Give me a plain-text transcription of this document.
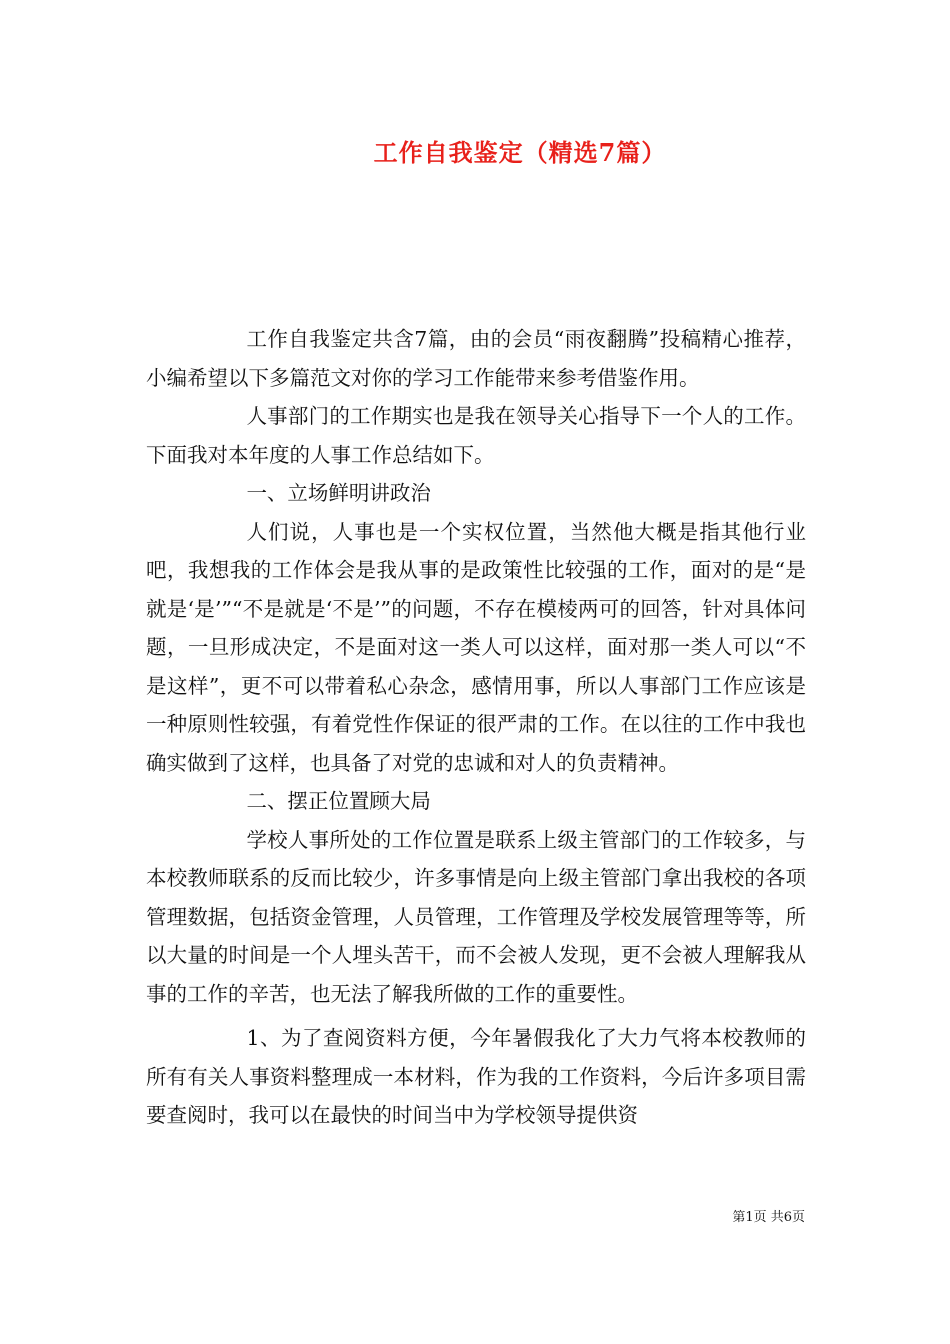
工作自我鉴定（精选7篇）

工作自我鉴定共含7篇，由的会员“雨夜翻腾”投稿精心推荐，小编希望以下多篇范文对你的学习工作能带来参考借鉴作用。

人事部门的工作期实也是我在领导关心指导下一个人的工作。下面我对本年度的人事工作总结如下。

一、立场鲜明讲政治

人们说，人事也是一个实权位置，当然他大概是指其他行业吧，我想我的工作体会是我从事的是政策性比较强的工作，面对的是“是就是‘是’”“不是就是‘不是’”的问题，不存在模棱两可的回答，针对具体问题，一旦形成决定，不是面对这一类人可以这样，面对那一类人可以“不是这样”，更不可以带着私心杂念，感情用事，所以人事部门工作应该是一种原则性较强，有着党性作保证的很严肃的工作。在以往的工作中我也确实做到了这样，也具备了对党的忠诚和对人的负责精神。

二、摆正位置顾大局

学校人事所处的工作位置是联系上级主管部门的工作较多，与本校教师联系的反而比较少，许多事情是向上级主管部门拿出我校的各项管理数据，包括资金管理，人员管理，工作管理及学校发展管理等等，所以大量的时间是一个人埋头苦干，而不会被人发现，更不会被人理解我从事的工作的辛苦，也无法了解我所做的工作的重要性。

1、为了查阅资料方便，今年暑假我化了大力气将本校教师的所有有关人事资料整理成一本材料，作为我的工作资料，今后许多项目需要查阅时，我可以在最快的时间当中为学校领导提供资

第1页 共6页
